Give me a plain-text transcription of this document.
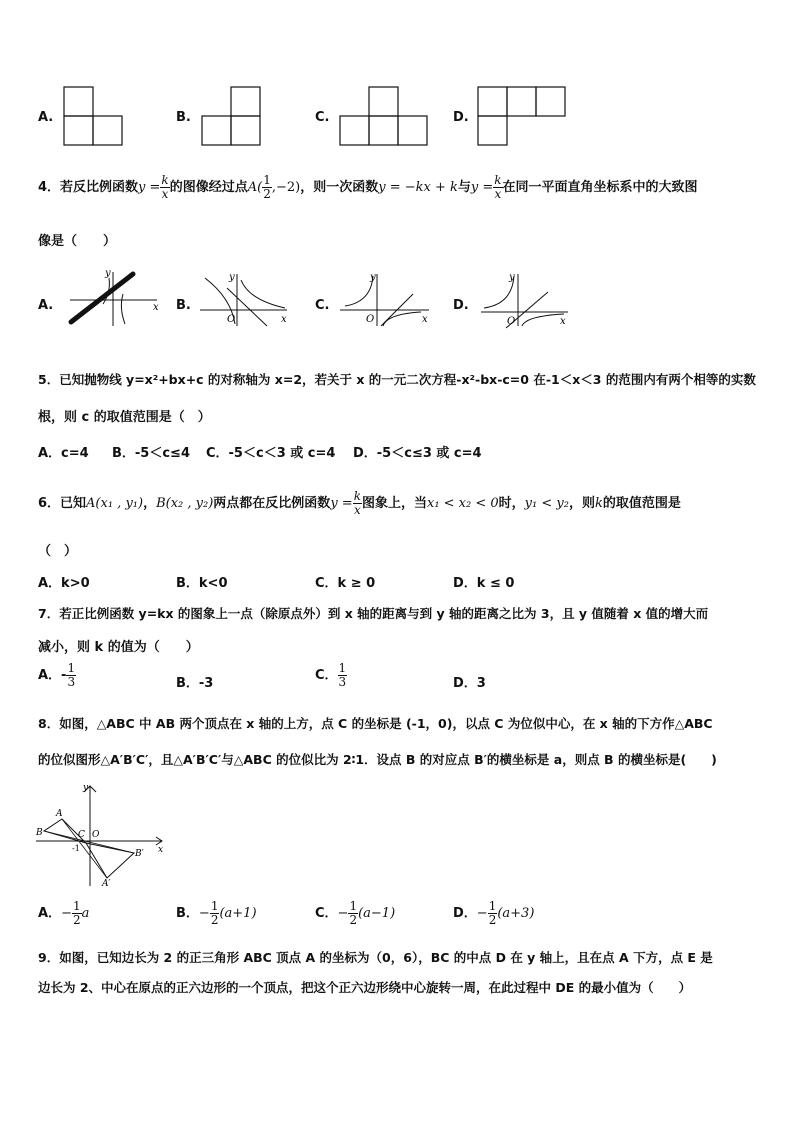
A.	B.	C.	D.
4．若反比例函数$y = \frac{k}{x}$ 的图像经过点$A( \frac{1}{2} ,-2)$，则一次函数y = −kx + k与$y = \frac{k}{x}$ 在同一平面直角坐标系中的大致图
像是（　　）
A.
y
x B.
y
x
O
C.
y
x
O
D.
y
x
O
5．已知抛物线 y=x²+bx+c 的对称轴为 x=2，若关于 x 的一元二次方程-x²-bx-c=0 在-1＜x＜3 的范围内有两个相等的实数
根，则 c 的取值范围是（　）
A．c=4 B．-5＜c≤4 C．-5＜c＜3 或 c=4 D．-5＜c≤3 或 c=4
6．已知A(x₁ , y₁)，B(x₂ , y₂)两点都在反比例函数$y = \frac{k}{x}$ 图象上，当x₁ < x₂ < 0时，y₁ < y₂，则k的取值范围是
（　）
A．k>0	B．k<0	C．k ≥ 0	D．k ≤ 0
7．若正比例函数 y=kx 的图象上一点（除原点外）到 x 轴的距离与到 y 轴的距离之比为 3，且 y 值随着 x 值的增大而
减小，则 k 的值为（　　）
A．- $\frac{1}{3}$	B．-3
C． $\frac{1}{3}$	D．3
8．如图，△ABC 中 AB 两个顶点在 x 轴的上方，点 C 的坐标是 (-1，0)，以点 C 为位似中心，在 x 轴的下方作△ABC
的位似图形△A′B′C′，且△A′B′C′与△ABC 的位似比为 2∶1．设点 B 的对应点 B′的横坐标是 a，则点 B 的横坐标是(　　)
y
x
A
B	C O
-1
B′
A′
A．− $\frac{1}{2}$ a	B．− $\frac{1}{2} (a+1)$	C．− $\frac{1}{2} (a-1)$	D．− $\frac{1}{2} (a+3)$
9．如图，已知边长为 2 的正三角形 ABC 顶点 A 的坐标为（0，6），BC 的中点 D 在 y 轴上，且在点 A 下方，点 E 是
边长为 2、中心在原点的正六边形的一个顶点，把这个正六边形绕中心旋转一周，在此过程中 DE 的最小值为（　　）
